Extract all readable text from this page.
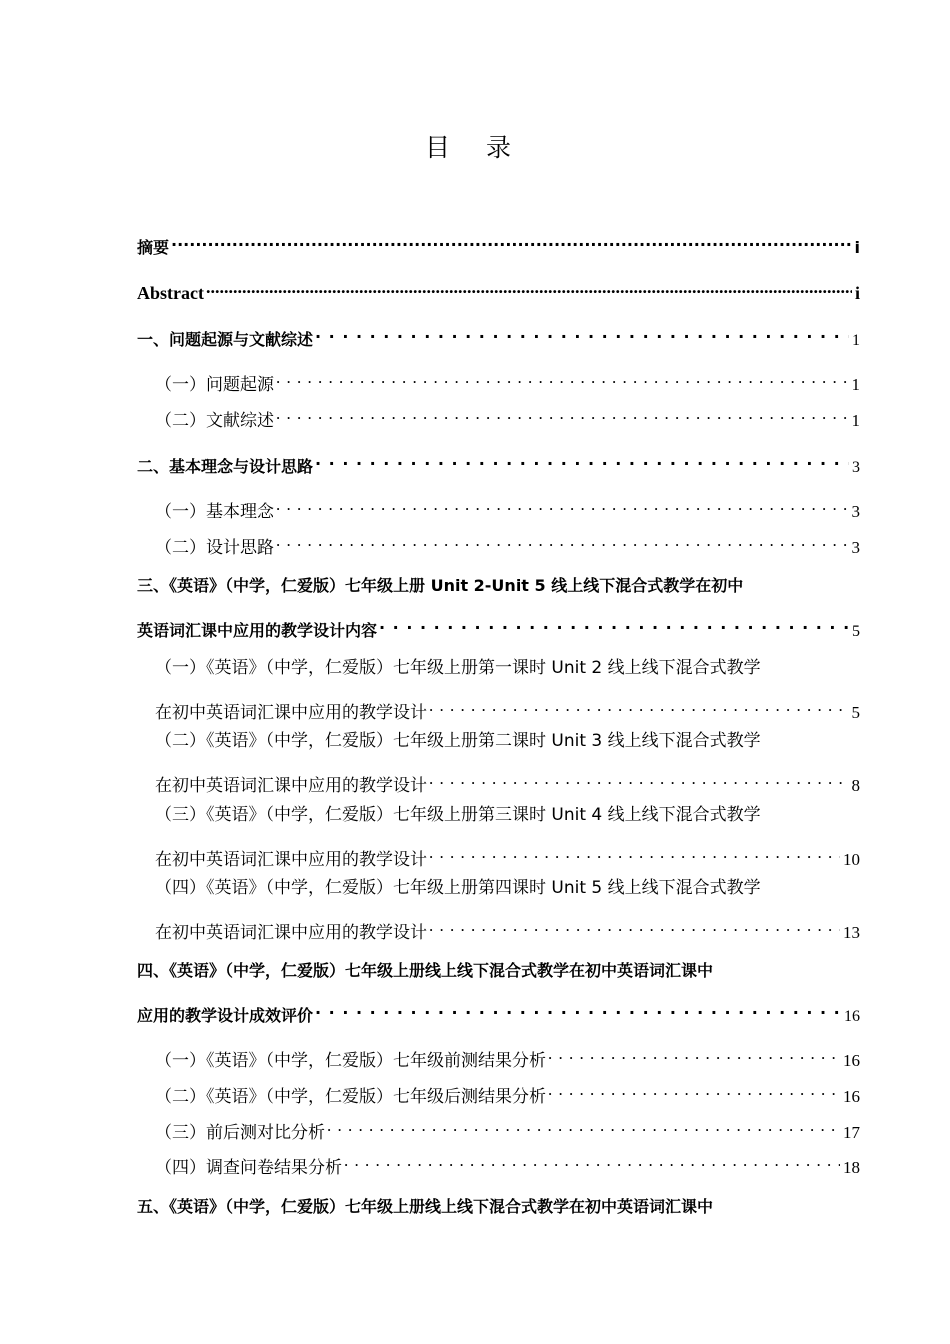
目 录
摘要 .....	i
Abstract .....	i
一、问题起源与文献综述 . . .	1
（一）问题起源 . . .	1
（二）文献综述 . . .	1
二、基本理念与设计思路 . . .	3
（一）基本理念 . . .	3
（二）设计思路 . . .	3
三、《英语》（中学，仁爱版）七年级上册 Unit 2-Unit 5 线上线下混合式教学在初中
英语词汇课中应用的教学设计内容 . . .	5
（一）《英语》（中学，仁爱版）七年级上册第一课时 Unit 2 线上线下混合式教学
在初中英语词汇课中应用的教学设计 . . .	5
（二）《英语》（中学，仁爱版）七年级上册第二课时 Unit 3 线上线下混合式教学
在初中英语词汇课中应用的教学设计 . . .	8
（三）《英语》（中学，仁爱版）七年级上册第三课时 Unit 4 线上线下混合式教学
在初中英语词汇课中应用的教学设计 . . .	10
（四）《英语》（中学，仁爱版）七年级上册第四课时 Unit 5 线上线下混合式教学
在初中英语词汇课中应用的教学设计 . . .	13
四、《英语》（中学，仁爱版）七年级上册线上线下混合式教学在初中英语词汇课中
应用的教学设计成效评价 . . .	16
（一）《英语》（中学，仁爱版）七年级前测结果分析 . . .	16
（二）《英语》（中学，仁爱版）七年级后测结果分析 . . .	16
（三）前后测对比分析 . . .	17
（四）调查问卷结果分析 . . .	18
五、《英语》（中学，仁爱版）七年级上册线上线下混合式教学在初中英语词汇课中
